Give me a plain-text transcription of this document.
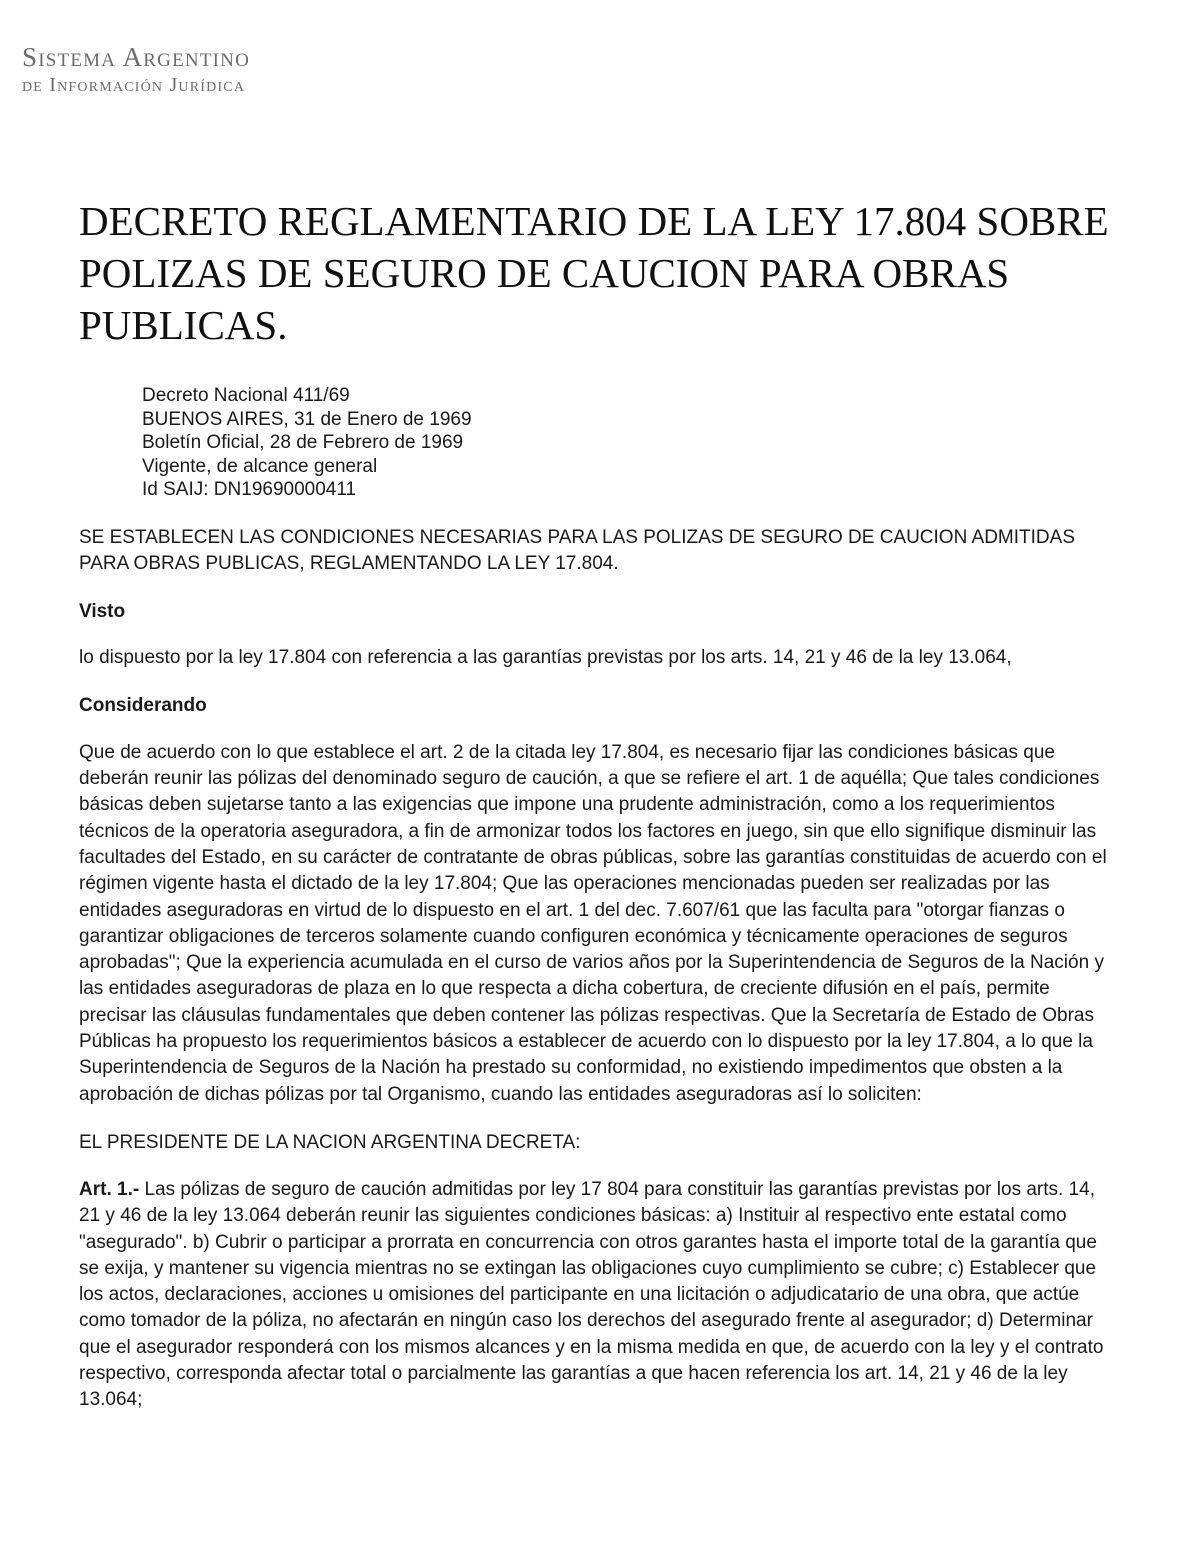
Sistema Argentino
de Información Jurídica
DECRETO REGLAMENTARIO DE LA LEY 17.804 SOBRE POLIZAS DE SEGURO DE CAUCION PARA OBRAS PUBLICAS.
Decreto Nacional 411/69
BUENOS AIRES, 31 de Enero de 1969
Boletín Oficial, 28 de Febrero de 1969
Vigente, de alcance general
Id SAIJ: DN19690000411
SE ESTABLECEN LAS CONDICIONES NECESARIAS PARA LAS POLIZAS DE SEGURO DE CAUCION ADMITIDAS PARA OBRAS PUBLICAS, REGLAMENTANDO LA LEY 17.804.
Visto
lo dispuesto por la ley 17.804 con referencia a las garantías previstas por los arts. 14, 21 y 46 de la ley 13.064,
Considerando
Que de acuerdo con lo que establece el art. 2 de la citada ley 17.804, es necesario fijar las condiciones básicas que deberán reunir las pólizas del denominado seguro de caución, a que se refiere el art. 1 de aquélla; Que tales condiciones básicas deben sujetarse tanto a las exigencias que impone una prudente administración, como a los requerimientos técnicos de la operatoria aseguradora, a fin de armonizar todos los factores en juego, sin que ello signifique disminuir las facultades del Estado, en su carácter de contratante de obras públicas, sobre las garantías constituidas de acuerdo con el régimen vigente hasta el dictado de la ley 17.804; Que las operaciones mencionadas pueden ser realizadas por las entidades aseguradoras en virtud de lo dispuesto en el art. 1 del dec. 7.607/61 que las faculta para "otorgar fianzas o garantizar obligaciones de terceros solamente cuando configuren económica y técnicamente operaciones de seguros aprobadas"; Que la experiencia acumulada en el curso de varios años por la Superintendencia de Seguros de la Nación y las entidades aseguradoras de plaza en lo que respecta a dicha cobertura, de creciente difusión en el país, permite precisar las cláusulas fundamentales que deben contener las pólizas respectivas. Que la Secretaría de Estado de Obras Públicas ha propuesto los requerimientos básicos a establecer de acuerdo con lo dispuesto por la ley 17.804, a lo que la Superintendencia de Seguros de la Nación ha prestado su conformidad, no existiendo impedimentos que obsten a la aprobación de dichas pólizas por tal Organismo, cuando las entidades aseguradoras así lo soliciten:
EL PRESIDENTE DE LA NACION ARGENTINA DECRETA:
Art. 1.- Las pólizas de seguro de caución admitidas por ley 17 804 para constituir las garantías previstas por los arts. 14, 21 y 46 de la ley 13.064 deberán reunir las siguientes condiciones básicas: a) Instituir al respectivo ente estatal como "asegurado". b) Cubrir o participar a prorrata en concurrencia con otros garantes hasta el importe total de la garantía que se exija, y mantener su vigencia mientras no se extingan las obligaciones cuyo cumplimiento se cubre; c) Establecer que los actos, declaraciones, acciones u omisiones del participante en una licitación o adjudicatario de una obra, que actúe como tomador de la póliza, no afectarán en ningún caso los derechos del asegurado frente al asegurador; d) Determinar que el asegurador responderá con los mismos alcances y en la misma medida en que, de acuerdo con la ley y el contrato respectivo, corresponda afectar total o parcialmente las garantías a que hacen referencia los art. 14, 21 y 46 de la ley 13.064;
